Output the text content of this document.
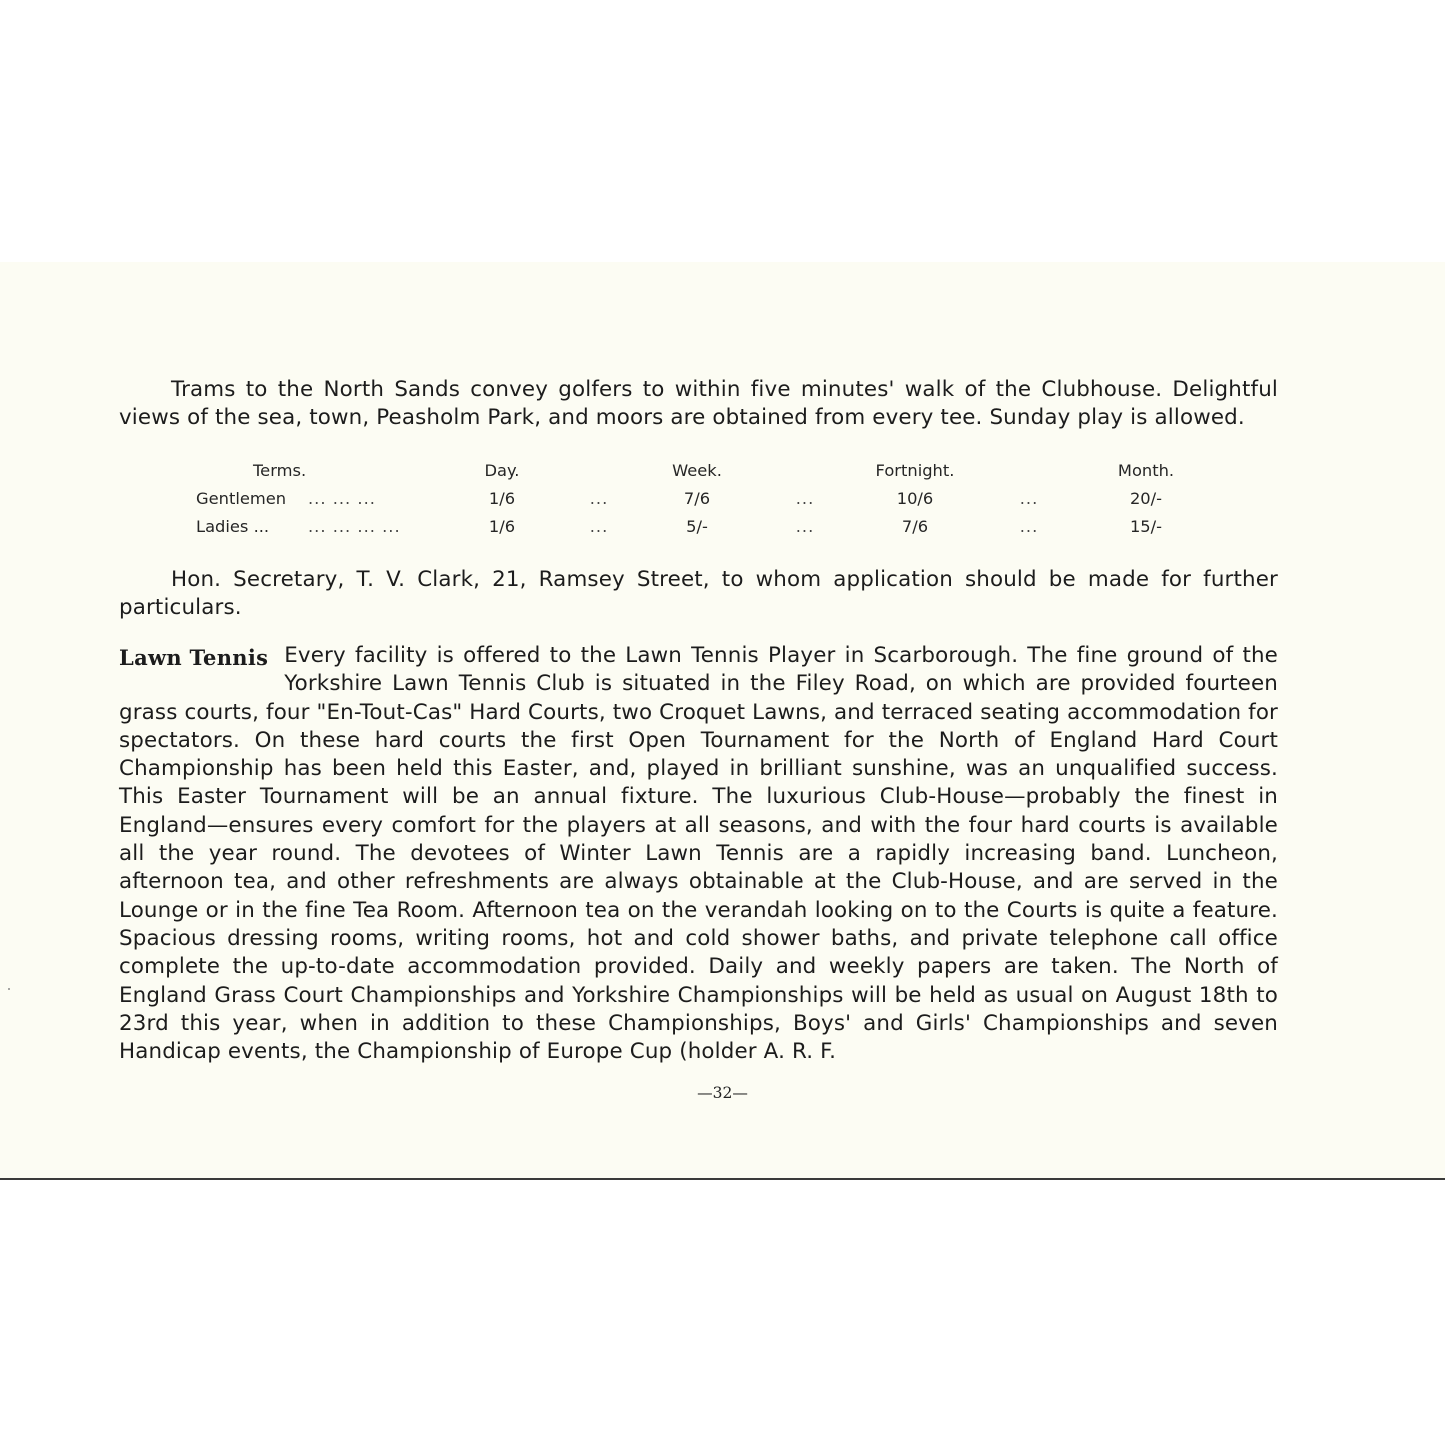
Trams to the North Sands convey golfers to within five minutes' walk of the Clubhouse. Delightful views of the sea, town, Peasholm Park, and moors are obtained from every tee. Sunday play is allowed.

Terms.		Day.		Week.		Fortnight.		Month.
Gentlemen	... ... ...	1/6	...	7/6	...	10/6	...	20/-
Ladies ...	... ... ... ...	1/6	...	5/-	...	7/6	...	15/-

Hon. Secretary, T. V. Clark, 21, Ramsey Street, to whom application should be made for further particulars.

Lawn Tennis Every facility is offered to the Lawn Tennis Player in Scarborough. The fine ground of the Yorkshire Lawn Tennis Club is situated in the Filey Road, on which are provided fourteen grass courts, four "En-Tout-Cas" Hard Courts, two Croquet Lawns, and terraced seating accommodation for spectators. On these hard courts the first Open Tournament for the North of England Hard Court Championship has been held this Easter, and, played in brilliant sunshine, was an unqualified success. This Easter Tournament will be an annual fixture. The luxurious Club-House—probably the finest in England—ensures every comfort for the players at all seasons, and with the four hard courts is available all the year round. The devotees of Winter Lawn Tennis are a rapidly increasing band. Luncheon, afternoon tea, and other refreshments are always obtainable at the Club-House, and are served in the Lounge or in the fine Tea Room. Afternoon tea on the verandah looking on to the Courts is quite a feature. Spacious dressing rooms, writing rooms, hot and cold shower baths, and private telephone call office complete the up-to-date accommodation provided. Daily and weekly papers are taken. The North of England Grass Court Championships and Yorkshire Championships will be held as usual on August 18th to 23rd this year, when in addition to these Championships, Boys' and Girls' Championships and seven Handicap events, the Championship of Europe Cup (holder A. R. F.
—32—
